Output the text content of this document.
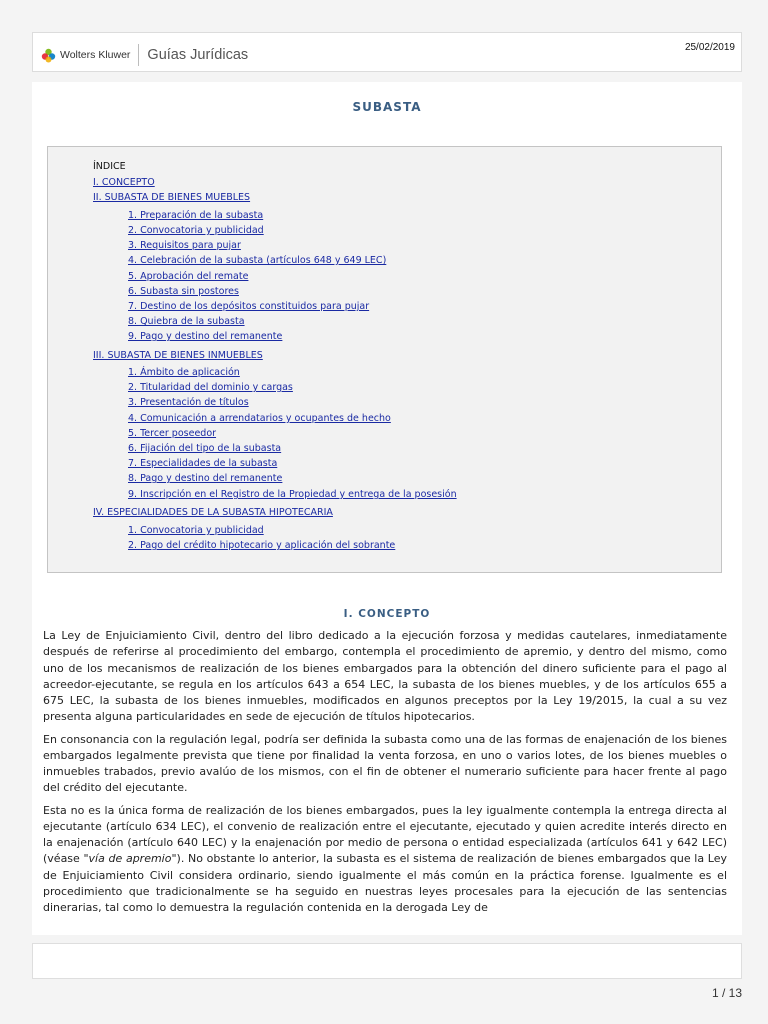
Wolters Kluwer Guías Jurídicas	25/02/2019
SUBASTA
ÍNDICE
I. CONCEPTO
II. SUBASTA DE BIENES MUEBLES
1. Preparación de la subasta
2. Convocatoria y publicidad
3. Requisitos para pujar
4. Celebración de la subasta (artículos 648 y 649 LEC)
5. Aprobación del remate
6. Subasta sin postores
7. Destino de los depósitos constituidos para pujar
8. Quiebra de la subasta
9. Pago y destino del remanente
III. SUBASTA DE BIENES INMUEBLES
1. Ámbito de aplicación
2. Titularidad del dominio y cargas
3. Presentación de títulos
4. Comunicación a arrendatarios y ocupantes de hecho
5. Tercer poseedor
6. Fijación del tipo de la subasta
7. Especialidades de la subasta
8. Pago y destino del remanente
9. Inscripción en el Registro de la Propiedad y entrega de la posesión
IV. ESPECIALIDADES DE LA SUBASTA HIPOTECARIA
1. Convocatoria y publicidad
2. Pago del crédito hipotecario y aplicación del sobrante
I. CONCEPTO

La Ley de Enjuiciamiento Civil, dentro del libro dedicado a la ejecución forzosa y medidas cautelares, inmediatamente después de referirse al procedimiento del embargo, contempla el procedimiento de apremio, y dentro del mismo, como uno de los mecanismos de realización de los bienes embargados para la obtención del dinero suficiente para el pago al acreedor-ejecutante, se regula en los artículos 643 a 654 LEC, la subasta de los bienes muebles, y de los artículos 655 a 675 LEC, la subasta de los bienes inmuebles, modificados en algunos preceptos por la Ley 19/2015, la cual a su vez presenta alguna particularidades en sede de ejecución de títulos hipotecarios.

En consonancia con la regulación legal, podría ser definida la subasta como una de las formas de enajenación de los bienes embargados legalmente prevista que tiene por finalidad la venta forzosa, en uno o varios lotes, de los bienes muebles o inmuebles trabados, previo avalúo de los mismos, con el fin de obtener el numerario suficiente para hacer frente al pago del crédito del ejecutante.

Esta no es la única forma de realización de los bienes embargados, pues la ley igualmente contempla la entrega directa al ejecutante (artículo 634 LEC), el convenio de realización entre el ejecutante, ejecutado y quien acredite interés directo en la enajenación (artículo 640 LEC) y la enajenación por medio de persona o entidad especializada (artículos 641 y 642 LEC) (véase "vía de apremio"). No obstante lo anterior, la subasta es el sistema de realización de bienes embargados que la Ley de Enjuiciamiento Civil considera ordinario, siendo igualmente el más común en la práctica forense. Igualmente es el procedimiento que tradicionalmente se ha seguido en nuestras leyes procesales para la ejecución de las sentencias dinerarias, tal como lo demuestra la regulación contenida en la derogada Ley de

1 / 13
